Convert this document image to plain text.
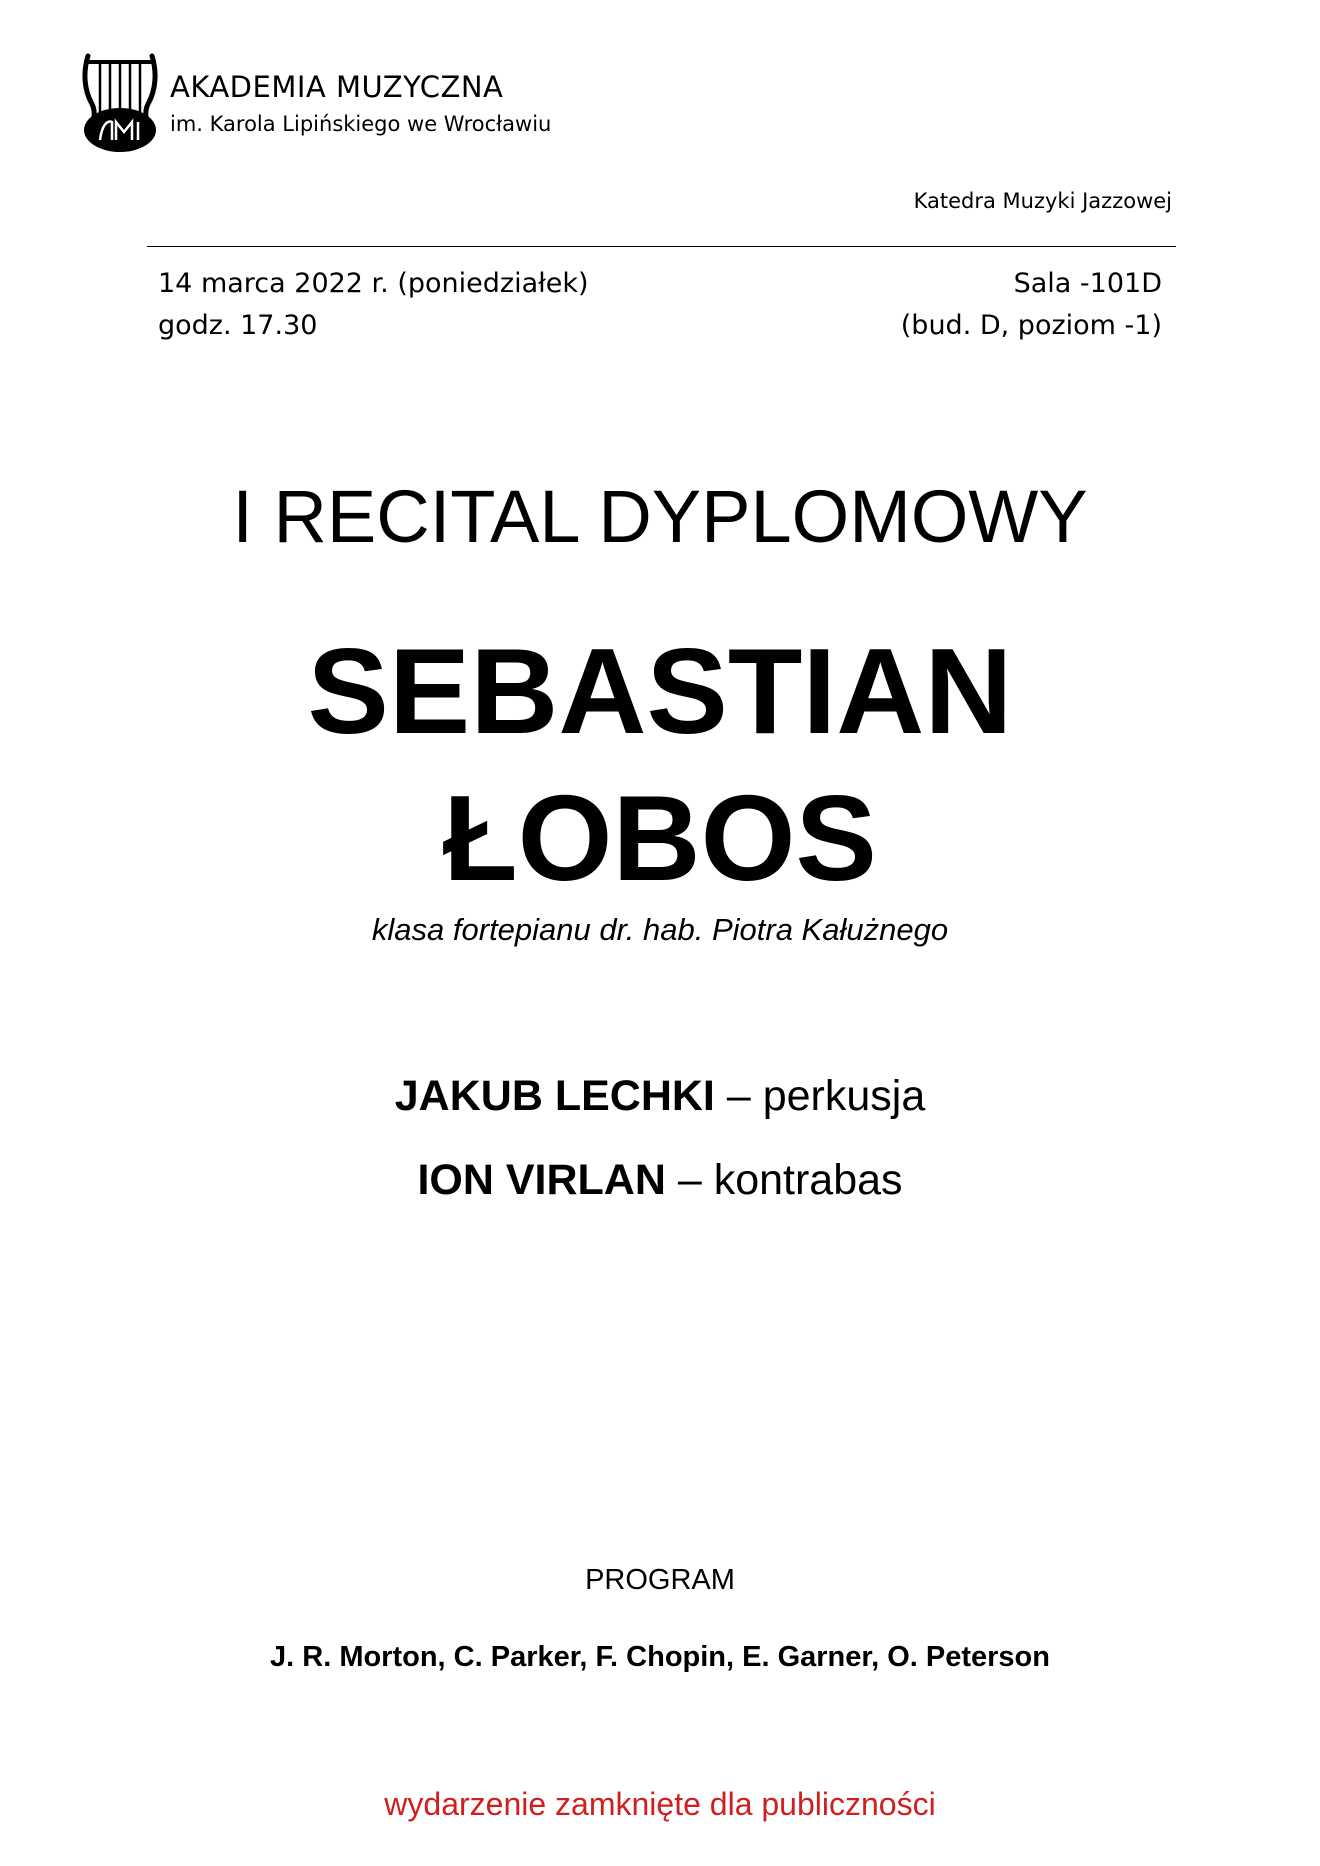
AKADEMIA MUZYCZNA
im. Karola Lipińskiego we Wrocławiu
Katedra Muzyki Jazzowej
14 marca 2022 r. (poniedziałek)
godz. 17.30
Sala -101D
(bud. D, poziom -1)
I RECITAL DYPLOMOWY
SEBASTIAN
ŁOBOS
klasa fortepianu dr. hab. Piotra Kałużnego
JAKUB LECHKI – perkusja
ION VIRLAN – kontrabas
PROGRAM
J. R. Morton, C. Parker, F. Chopin, E. Garner, O. Peterson
wydarzenie zamknięte dla publiczności
